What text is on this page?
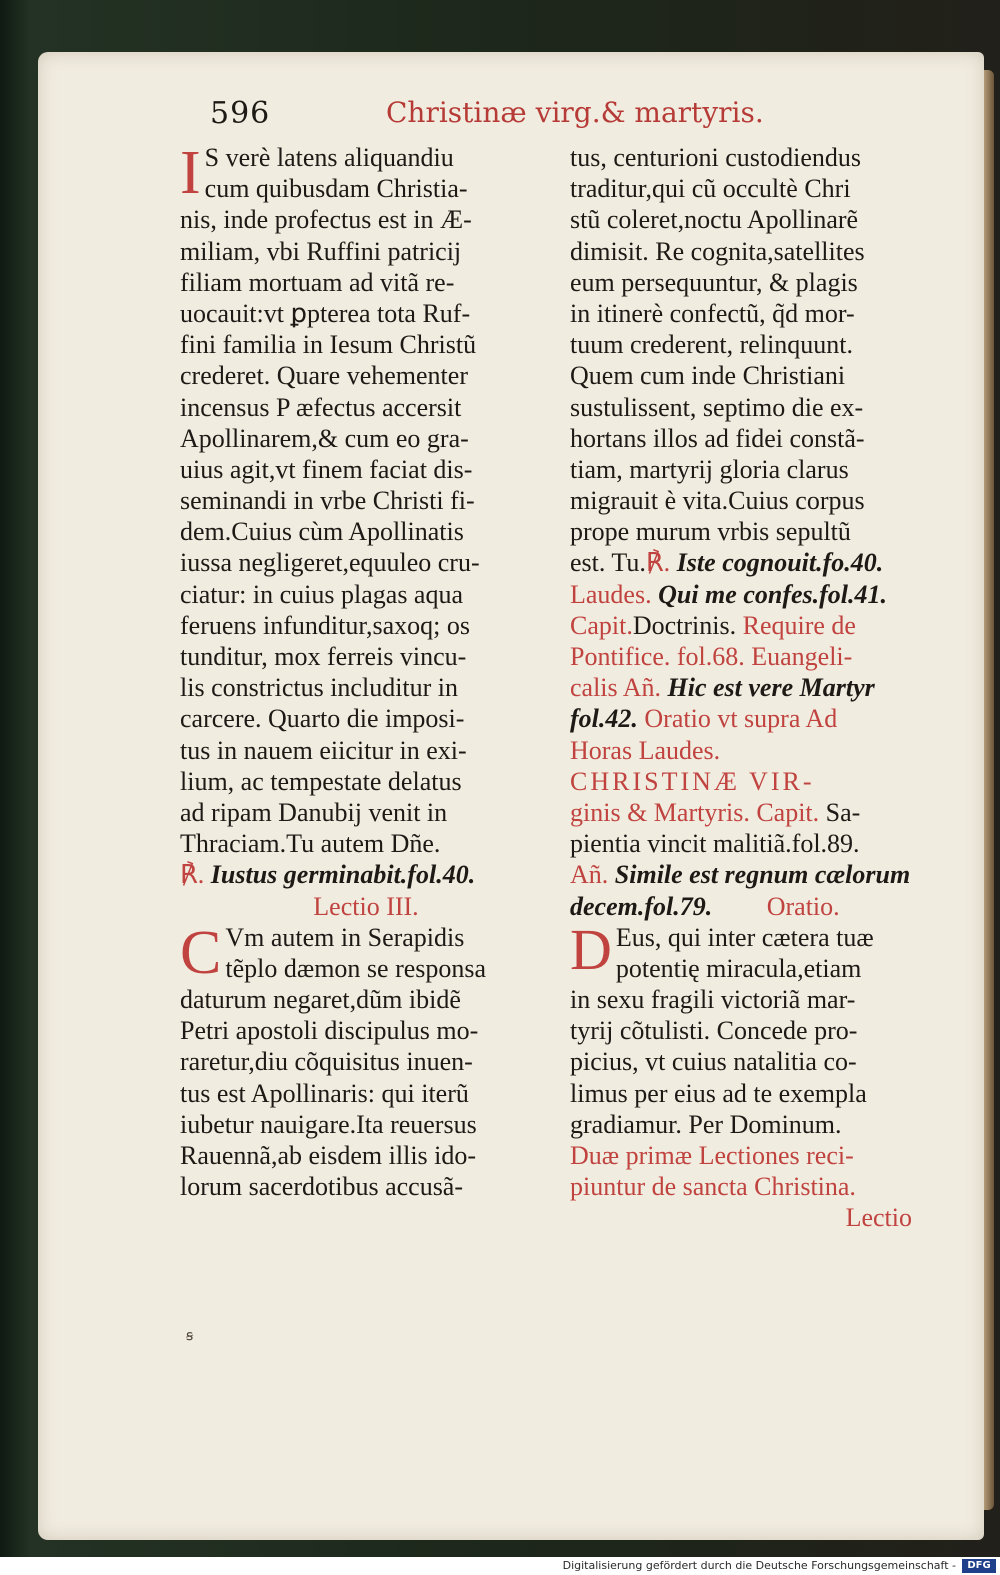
596	Christinæ virg.& martyris.
I S verè latens aliquandiu
cum quibusdam Christia-
nis, inde profectus est in Æ-
miliam, vbi Ruffini patricij
filiam mortuam ad vitã re-
uocauit:vt ꝑpterea tota Ruf-
fini familia in Iesum Christũ
crederet. Quare vehementer
incensus P æfectus accersit
Apollinarem,& cum eo gra-
uius agit,vt finem faciat dis-
seminandi in vrbe Christi fi-
dem.Cuius cùm Apollinatis
iussa negligeret,equuleo cru-
ciatur: in cuius plagas aqua
feruens infunditur,saxoq; os
tunditur, mox ferreis vincu-
lis constrictus includitur in
carcere. Quarto die imposi-
tus in nauem eiicitur in exi-
lium, ac tempestate delatus
ad ripam Danubij venit in
Thraciam.Tu autem Dñe.
℟. Iustus germinabit.fol.40.
Lectio III.
C Vm autem in Serapidis
tẽplo dæmon se responsa
daturum negaret,dũm ibidẽ
Petri apostoli discipulus mo-
raretur,diu cõquisitus inuen-
tus est Apollinaris: qui iterũ
iubetur nauigare.Ita reuersus
Rauennã,ab eisdem illis ido-
lorum sacerdotibus accusã-
tus, centurioni custodiendus
traditur,qui cũ occultè Chri
stũ coleret,noctu Apollinarẽ
dimisit. Re cognita,satellites
eum persequuntur, & plagis
in itinerè confectũ, q̃d mor-
tuum crederent, relinquunt.
Quem cum inde Christiani
sustulissent, septimo die ex-
hortans illos ad fidei constã-
tiam, martyrij gloria clarus
migrauit è vita.Cuius corpus
prope murum vrbis sepultũ
est. Tu.℟. Iste cognouit.fo.40.
Laudes. Qui me confes.fol.41.
Capit.Doctrinis. Require de
Pontifice. fol.68. Euangeli-
calis Añ. Hic est vere Martyr
fol.42. Oratio vt supra Ad
Horas Laudes.
CHRISTINÆ VIR-
ginis & Martyris. Capit. Sa-
pientia vincit malitiã.fol.89.
Añ. Simile est regnum cælorum
decem.fol.79. Oratio.
D Eus, qui inter cætera tuæ
potentię miracula,etiam
in sexu fragili victoriã mar-
tyrij cõtulisti. Concede pro-
picius, vt cuius natalitia co-
limus per eius ad te exempla
gradiamur. Per Dominum.
Duæ primæ Lectiones reci-
piuntur de sancta Christina.
Lectio
ꞩ
Digitalisierung gefördert durch die Deutsche Forschungsgemeinschaft -	DFG
